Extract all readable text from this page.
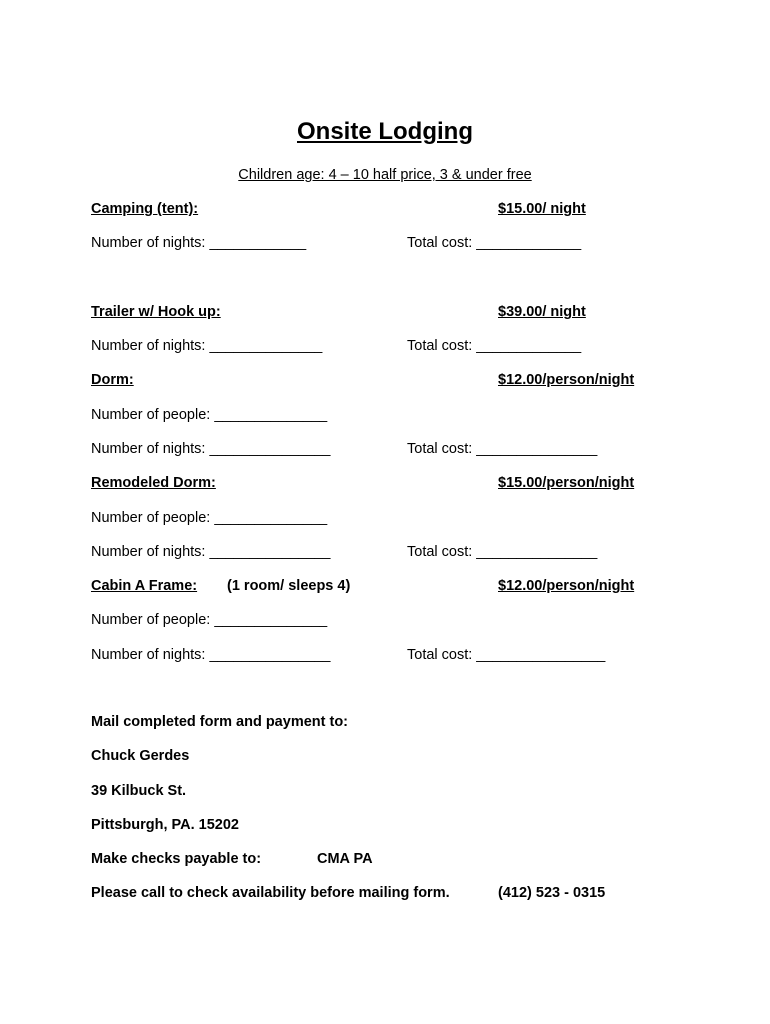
Onsite Lodging
Children age: 4 – 10 half price, 3 & under free
Camping (tent):	$15.00/ night
Number of nights: ____________	Total cost: _____________
Trailer w/ Hook up:	$39.00/ night
Number of nights: ______________	Total cost: _____________
Dorm:	$12.00/person/night
Number of people: ______________
Number of nights: _______________	Total cost: _______________
Remodeled Dorm:	$15.00/person/night
Number of people: ______________
Number of nights: _______________	Total cost: _______________
Cabin A Frame: (1 room/ sleeps 4)	$12.00/person/night
Number of people: ______________
Number of nights: _______________	Total cost: ________________
Mail completed form and payment to:
Chuck Gerdes
39 Kilbuck St.
Pittsburgh, PA. 15202
Make checks payable to:	CMA PA
Please call to check availability before mailing form.	(412) 523 - 0315
